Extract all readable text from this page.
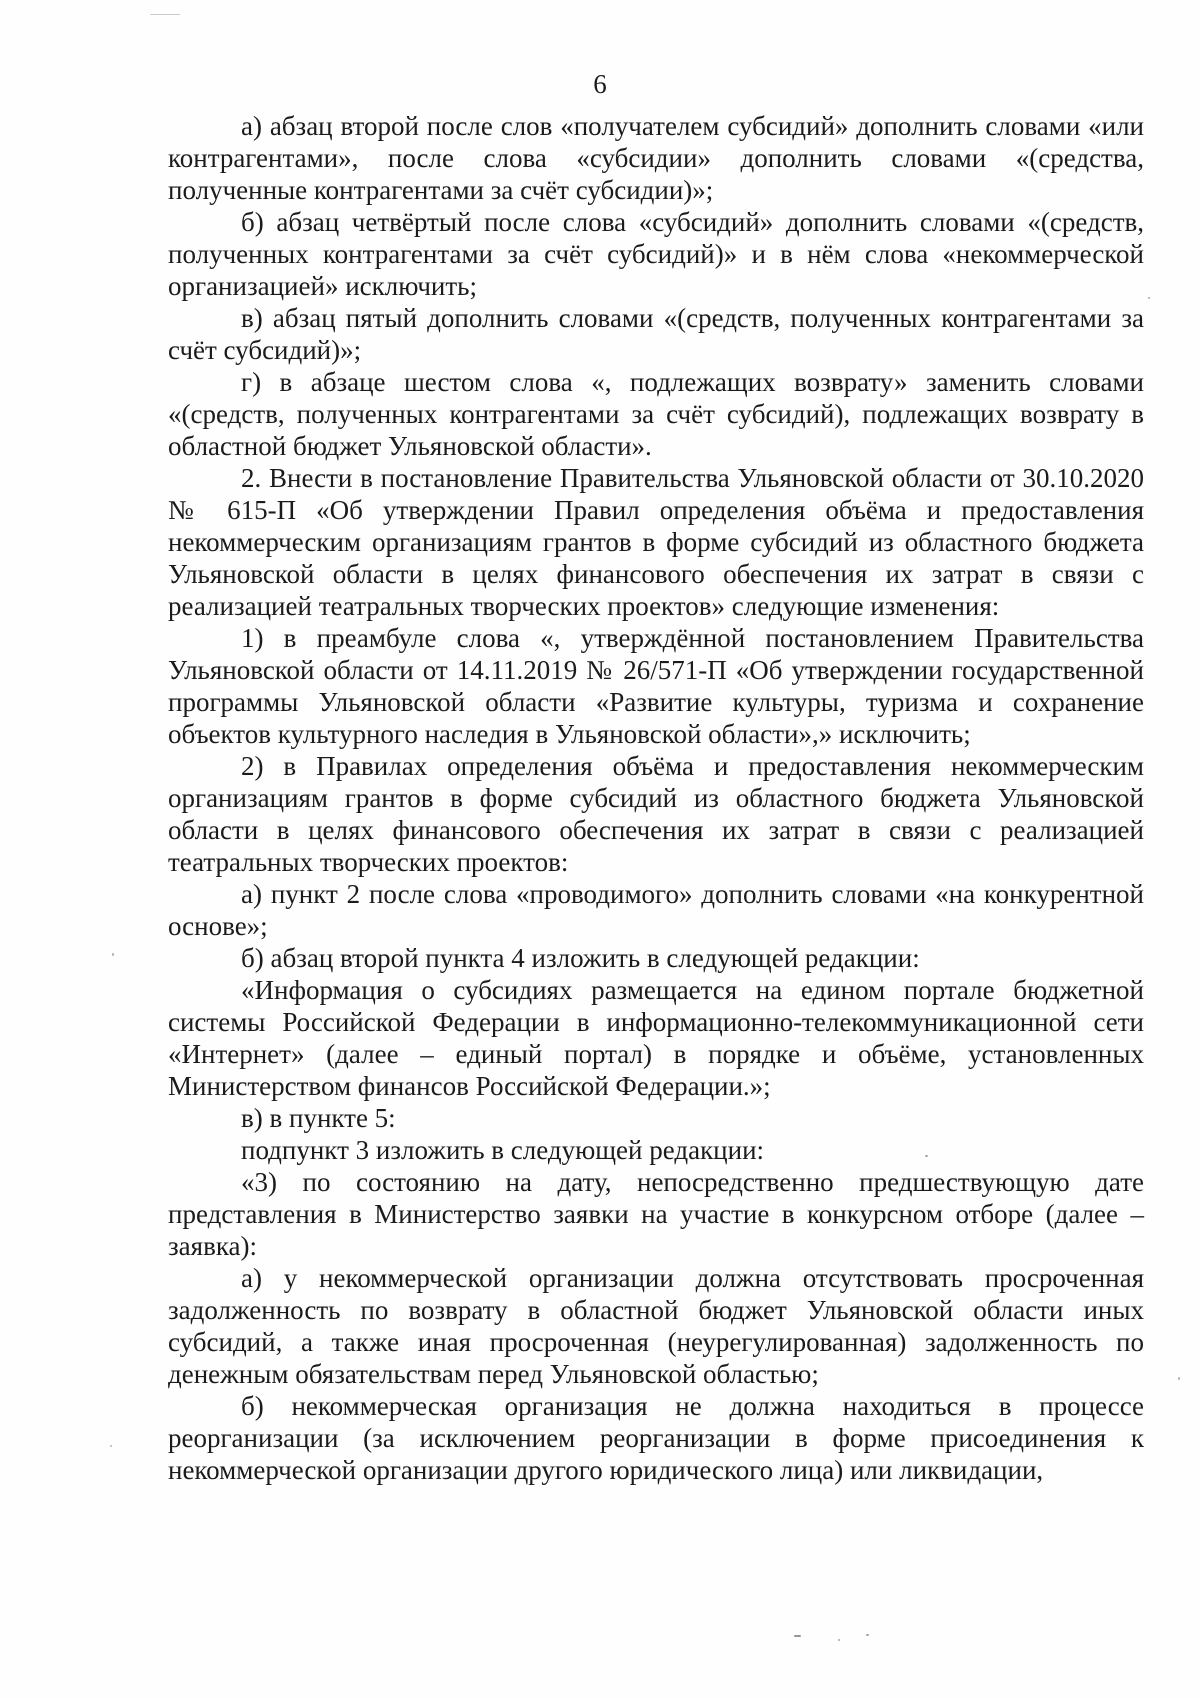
6

а) абзац второй после слов «получателем субсидий» дополнить словами «или контрагентами», после слова «субсидии» дополнить словами «(средства, полученные контрагентами за счёт субсидии)»;

б) абзац четвёртый после слова «субсидий» дополнить словами «(средств, полученных контрагентами за счёт субсидий)» и в нём слова «некоммерческой организацией» исключить;

в) абзац пятый дополнить словами «(средств, полученных контрагентами за счёт субсидий)»;

г) в абзаце шестом слова «, подлежащих возврату» заменить словами «(средств, полученных контрагентами за счёт субсидий), подлежащих возврату в областной бюджет Ульяновской области».

2. Внести в постановление Правительства Ульяновской области от 30.10.2020 № 615-П «Об утверждении Правил определения объёма и предоставления некоммерческим организациям грантов в форме субсидий из областного бюджета Ульяновской области в целях финансового обеспечения их затрат в связи с реализацией театральных творческих проектов» следующие изменения:

1) в преамбуле слова «, утверждённой постановлением Правительства Ульяновской области от 14.11.2019 № 26/571-П «Об утверждении государственной программы Ульяновской области «Развитие культуры, туризма и сохранение объектов культурного наследия в Ульяновской области»,» исключить;

2) в Правилах определения объёма и предоставления некоммерческим организациям грантов в форме субсидий из областного бюджета Ульяновской области в целях финансового обеспечения их затрат в связи с реализацией театральных творческих проектов:

а) пункт 2 после слова «проводимого» дополнить словами «на конкурентной основе»;

б) абзац второй пункта 4 изложить в следующей редакции:

«Информация о субсидиях размещается на едином портале бюджетной системы Российской Федерации в информационно-телекоммуникационной сети «Интернет» (далее – единый портал) в порядке и объёме, установленных Министерством финансов Российской Федерации.»;

в) в пункте 5:

подпункт 3 изложить в следующей редакции:

«3) по состоянию на дату, непосредственно предшествующую дате представления в Министерство заявки на участие в конкурсном отборе (далее – заявка):

а) у некоммерческой организации должна отсутствовать просроченная задолженность по возврату в областной бюджет Ульяновской области иных субсидий, а также иная просроченная (неурегулированная) задолженность по денежным обязательствам перед Ульяновской областью;

б) некоммерческая организация не должна находиться в процессе реорганизации (за исключением реорганизации в форме присоединения к некоммерческой организации другого юридического лица) или ликвидации,
